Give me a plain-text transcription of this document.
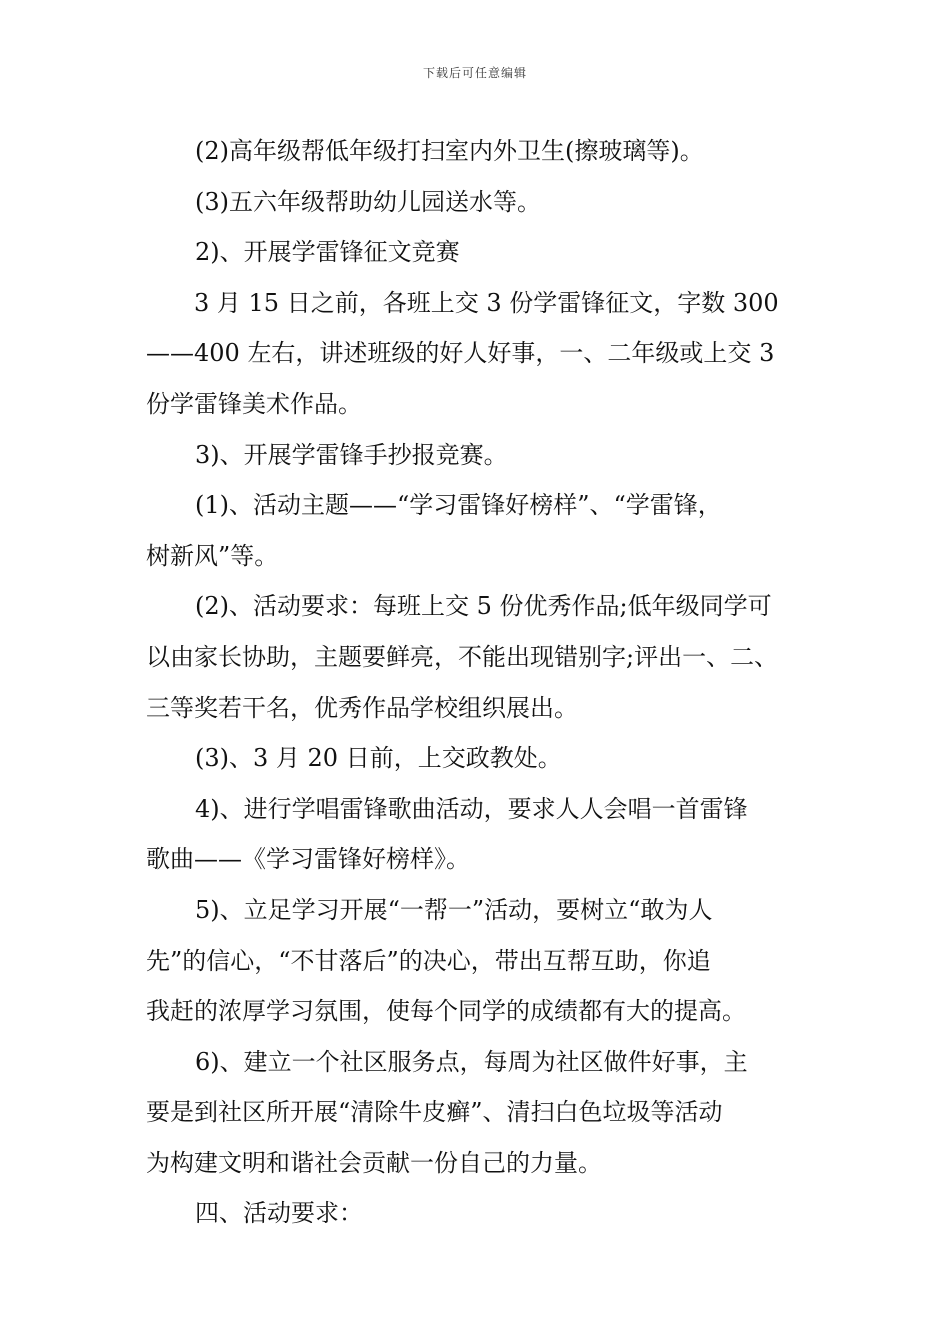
下载后可任意编辑
(2)高年级帮低年级打扫室内外卫生(擦玻璃等)。
(3)五六年级帮助幼儿园送水等。
2)、开展学雷锋征文竞赛
3 月 15 日之前，各班上交 3 份学雷锋征文，字数 300
——400 左右，讲述班级的好人好事，一、二年级或上交 3
份学雷锋美术作品。
3)、开展学雷锋手抄报竞赛。
(1)、活动主题——“学习雷锋好榜样”、“学雷锋，
树新风”等。
(2)、活动要求：每班上交 5 份优秀作品;低年级同学可
以由家长协助，主题要鲜亮，不能出现错别字;评出一、二、
三等奖若干名，优秀作品学校组织展出。
(3)、3 月 20 日前，上交政教处。
4)、进行学唱雷锋歌曲活动，要求人人会唱一首雷锋
歌曲——《学习雷锋好榜样》。
5)、立足学习开展“一帮一”活动，要树立“敢为人
先”的信心，“不甘落后”的决心，带出互帮互助，你追
我赶的浓厚学习氛围，使每个同学的成绩都有大的提高。
6)、建立一个社区服务点，每周为社区做件好事，主
要是到社区所开展“清除牛皮癣”、清扫白色垃圾等活动
为构建文明和谐社会贡献一份自己的力量。
四、活动要求：
